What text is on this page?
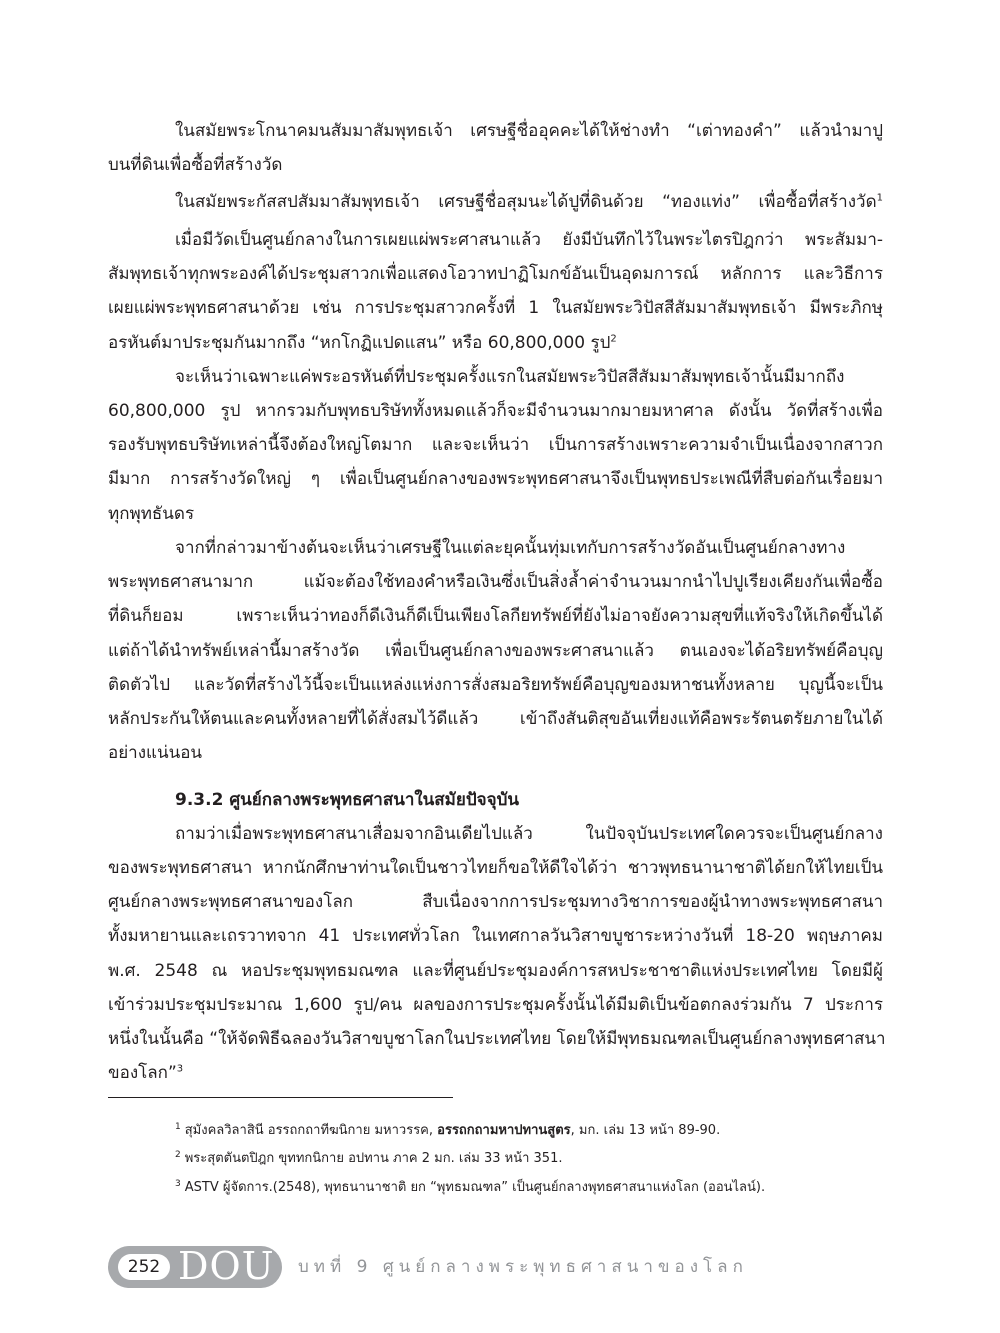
ในสมัยพระโกนาคมนสัมมาสัมพุทธเจ้า เศรษฐีชื่ออุคคะได้ให้ช่างทำ “เต่าทองคำ” แล้วนำมาปู
บนที่ดินเพื่อซื้อที่สร้างวัด
ในสมัยพระกัสสปสัมมาสัมพุทธเจ้า เศรษฐีชื่อสุมนะได้ปูที่ดินด้วย “ทองแท่ง” เพื่อซื้อที่สร้างวัด$^1$
เมื่อมีวัดเป็นศูนย์กลางในการเผยแผ่พระศาสนาแล้ว ยังมีบันทึกไว้ในพระไตรปิฎกว่า พระสัมมา-
สัมพุทธเจ้าทุกพระองค์ได้ประชุมสาวกเพื่อแสดงโอวาทปาฏิโมกข์อันเป็นอุดมการณ์ หลักการ และวิธีการ
เผยแผ่พระพุทธศาสนาด้วย เช่น การประชุมสาวกครั้งที่ 1 ในสมัยพระวิปัสสีสัมมาสัมพุทธเจ้า มีพระภิกษุ
อรหันต์มาประชุมกันมากถึง “หกโกฏิแปดแสน” หรือ 60,800,000 รูป$^2$
จะเห็นว่าเฉพาะแค่พระอรหันต์ที่ประชุมครั้งแรกในสมัยพระวิปัสสีสัมมาสัมพุทธเจ้านั้นมีมากถึง
60,800,000 รูป หากรวมกับพุทธบริษัททั้งหมดแล้วก็จะมีจำนวนมากมายมหาศาล ดังนั้น วัดที่สร้างเพื่อ
รองรับพุทธบริษัทเหล่านี้จึงต้องใหญ่โตมาก และจะเห็นว่า เป็นการสร้างเพราะความจำเป็นเนื่องจากสาวก
มีมาก การสร้างวัดใหญ่ ๆ เพื่อเป็นศูนย์กลางของพระพุทธศาสนาจึงเป็นพุทธประเพณีที่สืบต่อกันเรื่อยมา
ทุกพุทธันดร
จากที่กล่าวมาข้างต้นจะเห็นว่าเศรษฐีในแต่ละยุคนั้นทุ่มเทกับการสร้างวัดอันเป็นศูนย์กลางทาง
พระพุทธศาสนามาก แม้จะต้องใช้ทองคำหรือเงินซึ่งเป็นสิ่งล้ำค่าจำนวนมากนำไปปูเรียงเคียงกันเพื่อซื้อ
ที่ดินก็ยอม เพราะเห็นว่าทองก็ดีเงินก็ดีเป็นเพียงโลกียทรัพย์ที่ยังไม่อาจยังความสุขที่แท้จริงให้เกิดขึ้นได้
แต่ถ้าได้นำทรัพย์เหล่านี้มาสร้างวัด เพื่อเป็นศูนย์กลางของพระศาสนาแล้ว ตนเองจะได้อริยทรัพย์คือบุญ
ติดตัวไป และวัดที่สร้างไว้นี้จะเป็นแหล่งแห่งการสั่งสมอริยทรัพย์คือบุญของมหาชนทั้งหลาย บุญนี้จะเป็น
หลักประกันให้ตนและคนทั้งหลายที่ได้สั่งสมไว้ดีแล้ว เข้าถึงสันติสุขอันเที่ยงแท้คือพระรัตนตรัยภายในได้
อย่างแน่นอน
9.3.2 ศูนย์กลางพระพุทธศาสนาในสมัยปัจจุบัน
ถามว่าเมื่อพระพุทธศาสนาเสื่อมจากอินเดียไปแล้ว ในปัจจุบันประเทศใดควรจะเป็นศูนย์กลาง
ของพระพุทธศาสนา หากนักศึกษาท่านใดเป็นชาวไทยก็ขอให้ดีใจได้ว่า ชาวพุทธนานาชาติได้ยกให้ไทยเป็น
ศูนย์กลางพระพุทธศาสนาของโลก สืบเนื่องจากการประชุมทางวิชาการของผู้นำทางพระพุทธศาสนา
ทั้งมหายานและเถรวาทจาก 41 ประเทศทั่วโลก ในเทศกาลวันวิสาขบูชาระหว่างวันที่ 18-20 พฤษภาคม
พ.ศ. 2548 ณ หอประชุมพุทธมณฑล และที่ศูนย์ประชุมองค์การสหประชาชาติแห่งประเทศไทย โดยมีผู้
เข้าร่วมประชุมประมาณ 1,600 รูป/คน ผลของการประชุมครั้งนั้นได้มีมติเป็นข้อตกลงร่วมกัน 7 ประการ
หนึ่งในนั้นคือ “ให้จัดพิธีฉลองวันวิสาขบูชาโลกในประเทศไทย โดยให้มีพุทธมณฑลเป็นศูนย์กลางพุทธศาสนา
ของโลก”$^3$
$^1$ สุมังคลวิลาสินี อรรถกถาทีฆนิกาย มหาวรรค, อรรถกถามหาปทานสูตร, มก. เล่ม 13 หน้า 89-90.
$^2$ พระสุตตันตปิฎก ขุททกนิกาย อปทาน ภาค 2 มก. เล่ม 33 หน้า 351.
$^3$ ASTV ผู้จัดการ.(2548), พุทธนานาชาติ ยก “พุทธมณฑล” เป็นศูนย์กลางพุทธศาสนาแห่งโลก (ออนไลน์).
252 DOU บทที่ 9 ศูนย์กลางพระพุทธศาสนาของโลก
